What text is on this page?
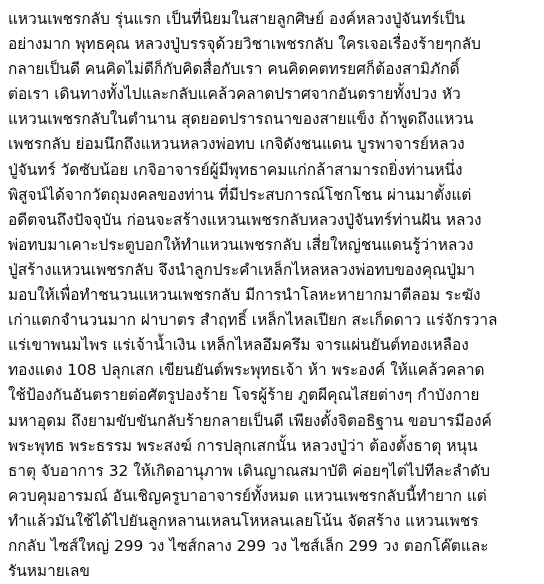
แหวนเพชรกลับ รุ่นแรก เป็นที่นิยมในสายลูกศิษย์ องค์หลวงปู่จันทร์เป็น
อย่างมาก พุทธคุณ หลวงปู่บรรจุด้วยวิชาเพชรกลับ ใครเจอเรื่องร้ายๆกลับ
กลายเป็นดี คนคิดไม่ดีก็กับคิดสื่อกับเรา คนคิดคตทรยศก็ต้องสามิภักดิ์
ต่อเรา เดินทางทั้งไปและกลับแคล้วคลาดปราศจากอันตรายทั้งปวง หัว
แหวนเพชรกลับในตำนาน สุดยอดปรารถนาของสายแข็ง ถ้าพูดถึงแหวน
เพชรกลับ ย่อมนึกถึงแหวนหลวงพ่อทบ เกจิดังชนแดน บูรพาจารย์หลวง
ปู่จันทร์ วัดซับน้อย เกจิอาจารย์ผู้มีพุทธาคมแก่กล้าสามารถยิ่งท่านหนึ่ง
พิสูจน์ได้จากวัตถุมงคลของท่าน ที่มีประสบการณ์โชกโชน ผ่านมาตั้งแต่
อดีตจนถึงปัจจุบัน ก่อนจะสร้างแหวนเพชรกลับหลวงปู่จันทร์ท่านฝัน หลวง
พ่อทบมาเคาะประตูบอกให้ทำแหวนเพชรกลับ เสี่ยใหญ่ชนแดนรู้ว่าหลวง
ปู่สร้างแหวนเพชรกลับ จึงนำลูกประคำเหล็กไหลหลวงพ่อทบของคุณปู่มา
มอบให้เพื่อทำชนวนแหวนเพชรกลับ มีการนำโลหะหายากมาตีลอม ระฆัง
เก่าแตกจำนวนมาก ฝาบาตร สำฤทธิ์ เหล็กไหลเปียก สะเก็ดดาว แร่จักรวาล
แร่เขาพนมไพร แร่เจ้าน้ำเงิน เหล็กไหลอึมครึม จารแผ่นยันต์ทองเหลือง
ทองแดง 108 ปลุกเสก เขียนยันต์พระพุทธเจ้า ห้า พระองค์ ให้แคล้วคลาด
ใช้ป้องกันอันตรายต่อศัตรูปองร้าย โจรผู้ร้าย ภูตผีคุณไสยต่างๆ กำบังกาย
มหาอุดม ถึงยามขับขันกลับร้ายกลายเป็นดี เพียงตั้งจิตอธิฐาน ขอบารมีองค์
พระพุทธ พระธรรม พระสงฆ์ การปลุกเสกนั้น หลวงปู่ว่า ต้องตั้งธาตุ หนุน
ธาตุ จับอาการ 32 ให้เกิดอานุภาพ เดินญาณสมาบัติ ค่อยๆไต่ไปทีละลำดับ
ควบคุมอารมณ์ อันเชิญครูบาอาจารย์ทั้งหมด แหวนเพชรกลับนี้ทำยาก แต่
ทำแล้วมันใช้ได้ไปยันลูกหลานเหลนโหหลนเลยโน้น จัดสร้าง แหวนเพชร
กกลับ ไซส์ใหญ่ 299 วง ไซส์กลาง 299 วง ไซส์เล็ก 299 วง ตอกโค๊ตและ
รันหมายเลข
